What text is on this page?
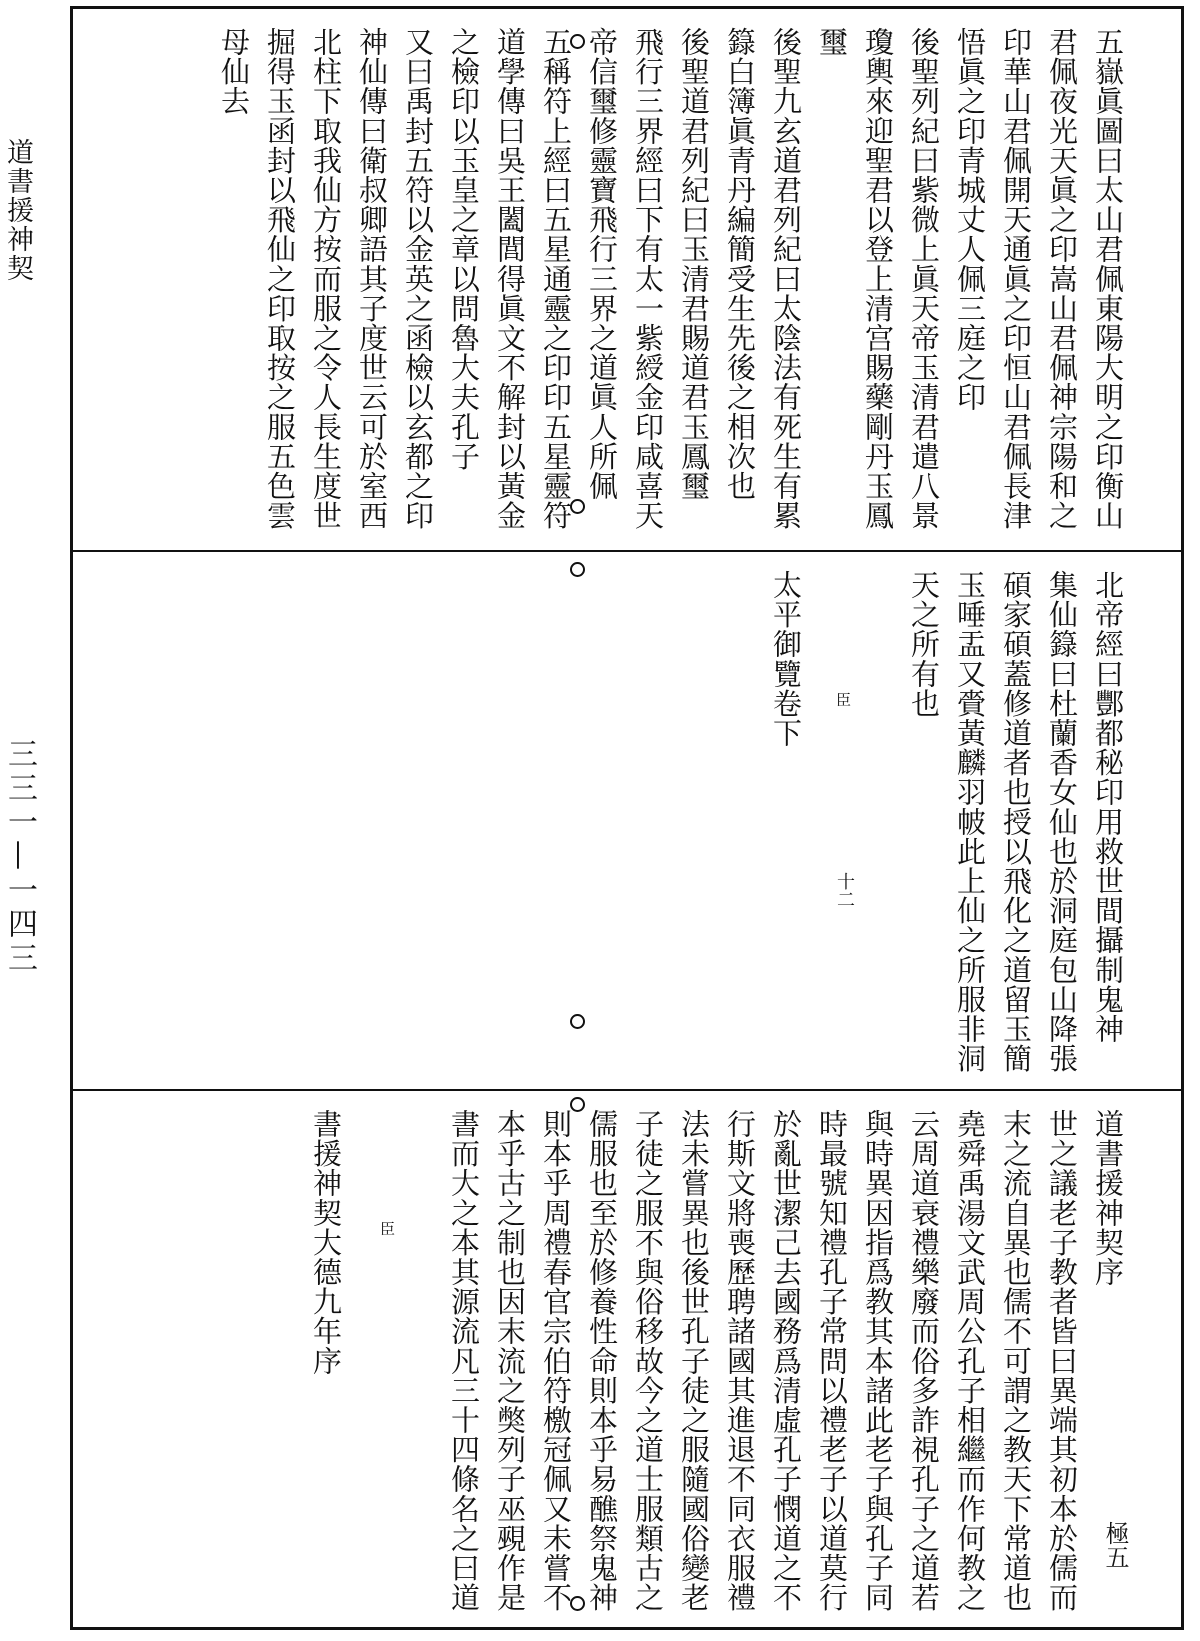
道書援神契
三三一—一四三
五嶽眞圖曰太山君佩東陽大明之印衡山
君佩夜光天眞之印嵩山君佩神宗陽和之
印華山君佩開天通眞之印恒山君佩長津
悟眞之印青城丈人佩三庭之印
後聖列紀曰紫微上眞天帝玉清君遣八景
瓊輿來迎聖君以登上清宫賜藥剛丹玉鳳
璽
後聖九玄道君列紀曰太陰法有死生有累
籙白簿眞青丹編簡受生先後之相次也
後聖道君列紀曰玉清君賜道君玉鳳璽
飛行三界經曰下有太一紫綬金印咸喜天
帝信璽修靈寶飛行三界之道眞人所佩
五稱符上經曰五星通靈之印印五星靈符
道學傳曰吳王闔閭得眞文不解封以黃金
之檢印以玉皇之章以問魯大夫孔子
又曰禹封五符以金英之函檢以玄都之印
神仙傳曰衛叔卿語其子度世云可於室西
北柱下取我仙方按而服之令人長生度世
掘得玉函封以飛仙之印取按之服五色雲
母仙去
北帝經曰酆都秘印用救世間攝制鬼神
集仙籙曰杜蘭香女仙也於洞庭包山降張
碩家碩蓋修道者也授以飛化之道留玉簡
玉唾盂又賫黃麟羽帔此上仙之所服非洞
天之所有也
臣
十二
太平御覽卷下
道書援神契序
極五
世之議老子教者皆曰異端其初本於儒而
末之流自異也儒不可謂之教天下常道也
堯舜禹湯文武周公孔子相繼而作何教之
云周道衰禮樂廢而俗多詐視孔子之道若
與時異因指爲教其本諸此老子與孔子同
時最號知禮孔子常問以禮老子以道莫行
於亂世潔己去國務爲清虛孔子憫道之不
行斯文將喪歷聘諸國其進退不同衣服禮
法未嘗異也後世孔子徒之服隨國俗變老
子徒之服不與俗移故今之道士服類古之
儒服也至於修養性命則本乎易醮祭鬼神
則本乎周禮春官宗伯符檄冠佩又未嘗不
本乎古之制也因末流之獘列子巫覡作是
書而大之本其源流凡三十四條名之曰道
臣
書援神契大德九年序
